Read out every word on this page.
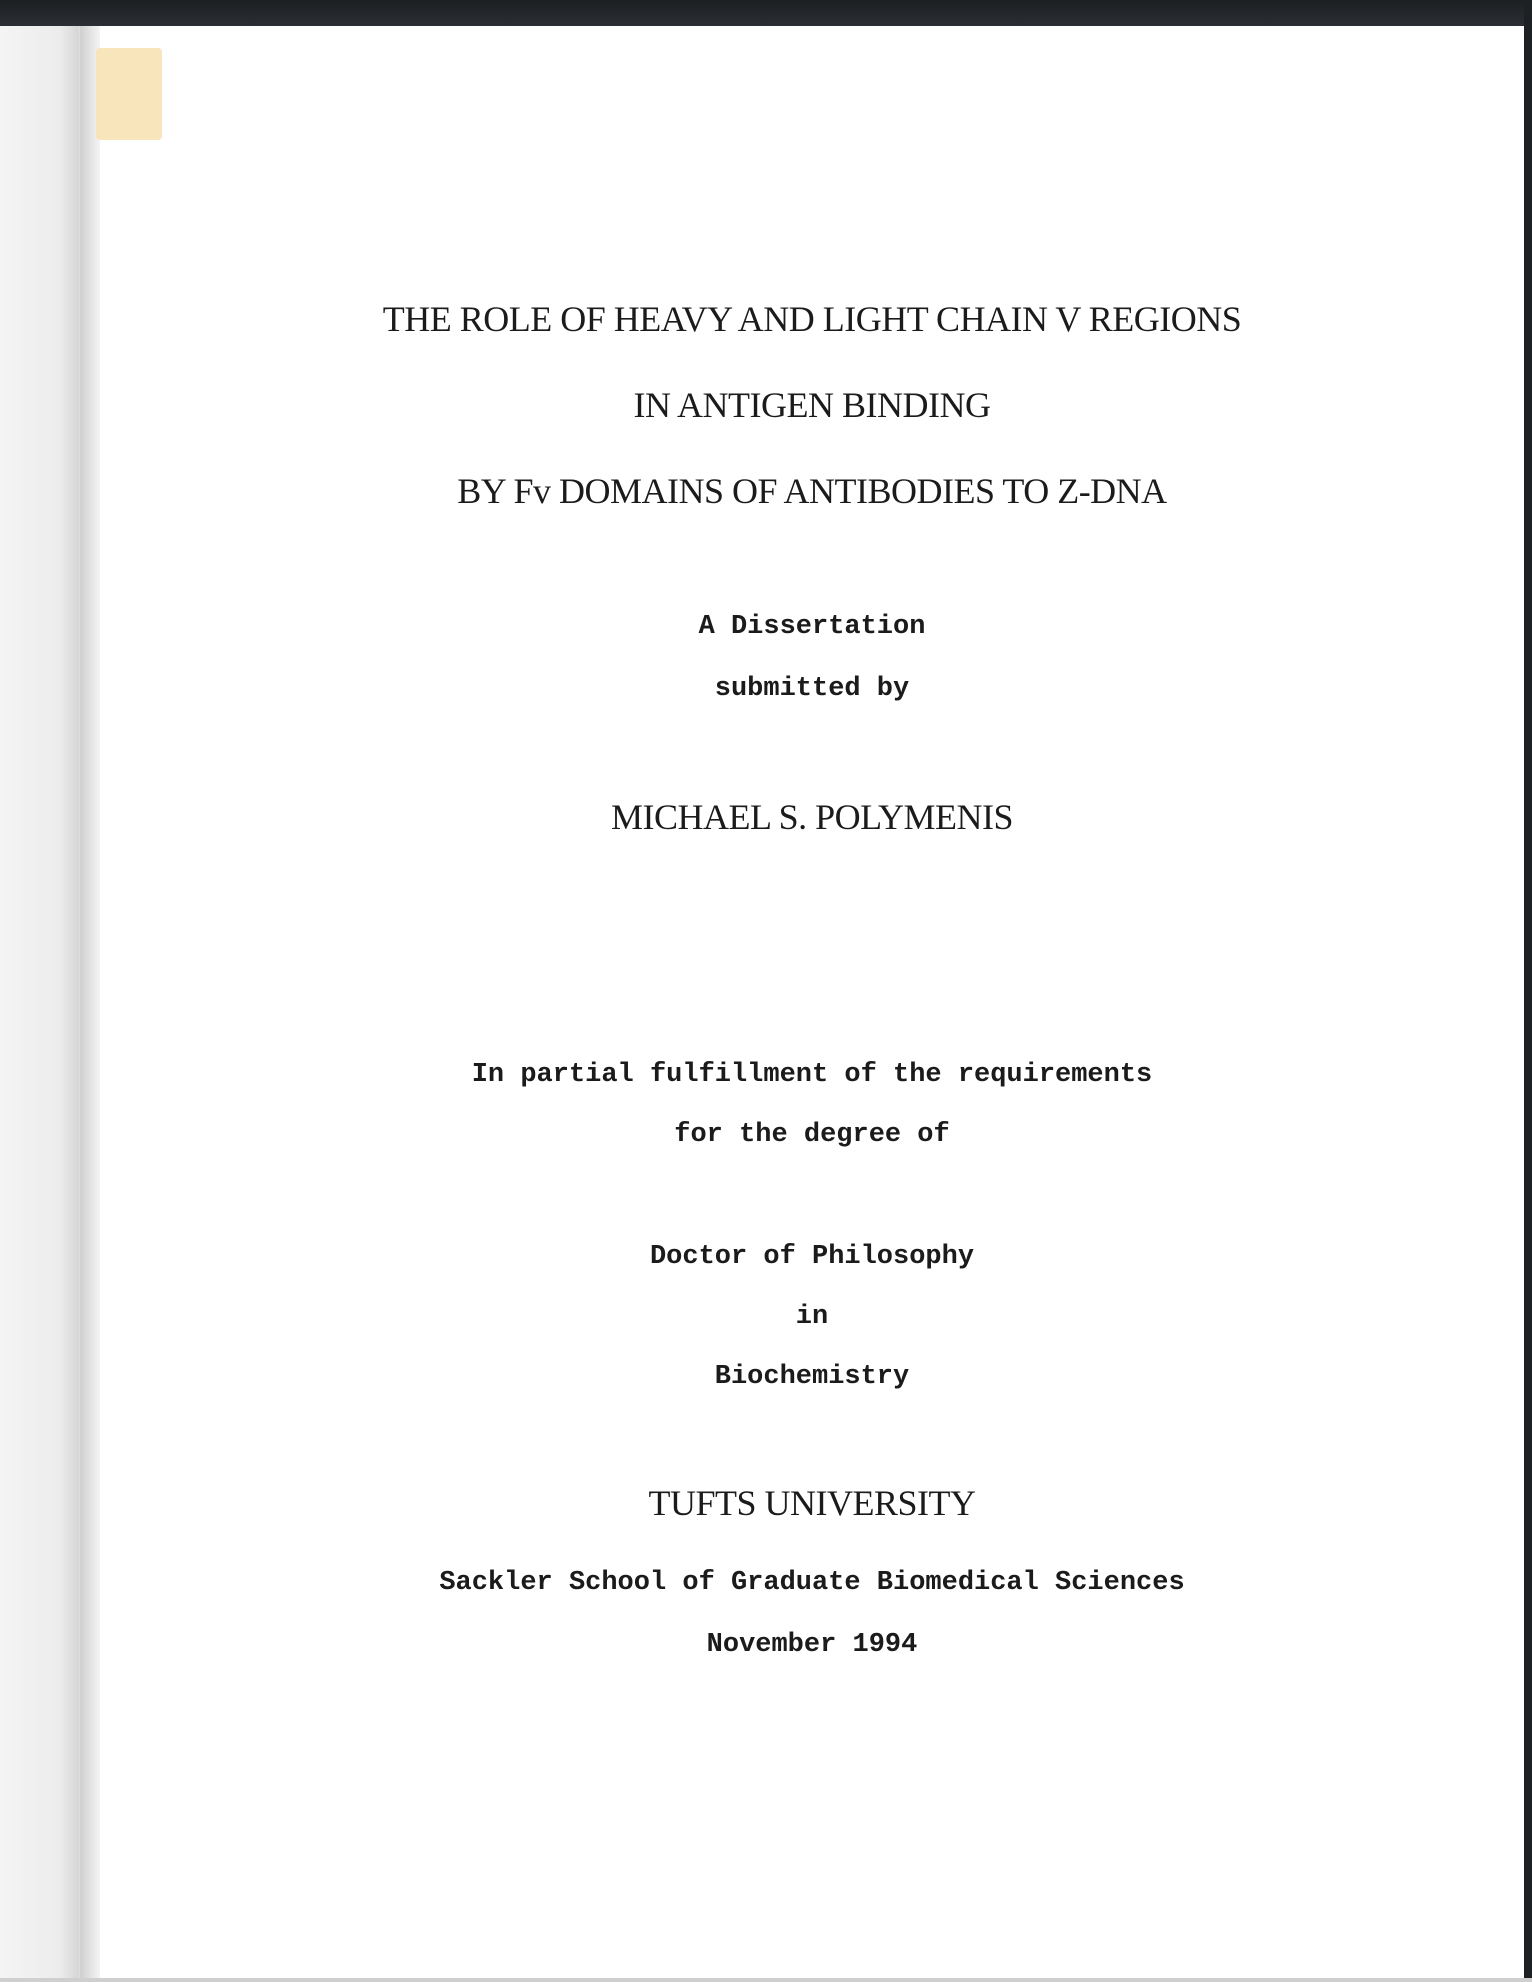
THE ROLE OF HEAVY AND LIGHT CHAIN V REGIONS
IN ANTIGEN BINDING
BY Fv DOMAINS OF ANTIBODIES TO Z-DNA
A Dissertation
submitted by
MICHAEL S. POLYMENIS
In partial fulfillment of the requirements
for the degree of
Doctor of Philosophy
in
Biochemistry
TUFTS UNIVERSITY
Sackler School of Graduate Biomedical Sciences
November 1994
